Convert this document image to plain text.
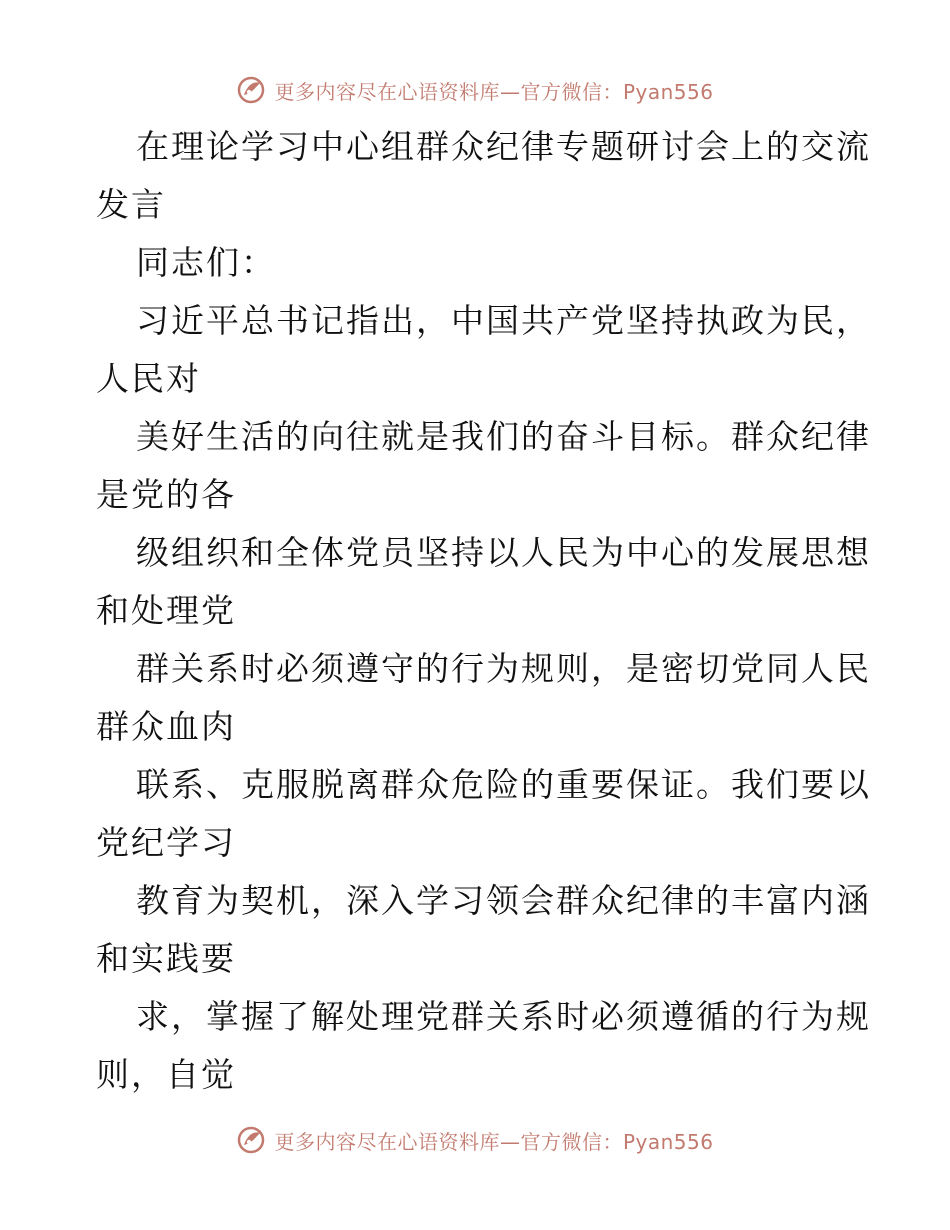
更多内容尽在心语资料库—官方微信：Pyan556
在理论学习中心组群众纪律专题研讨会上的交流
发言
同志们：
习近平总书记指出，中国共产党坚持执政为民，
人民对
美好生活的向往就是我们的奋斗目标。群众纪律
是党的各
级组织和全体党员坚持以人民为中心的发展思想
和处理党
群关系时必须遵守的行为规则，是密切党同人民
群众血肉
联系、克服脱离群众危险的重要保证。我们要以
党纪学习
教育为契机，深入学习领会群众纪律的丰富内涵
和实践要
求，掌握了解处理党群关系时必须遵循的行为规
则，自觉
更多内容尽在心语资料库—官方微信：Pyan556
